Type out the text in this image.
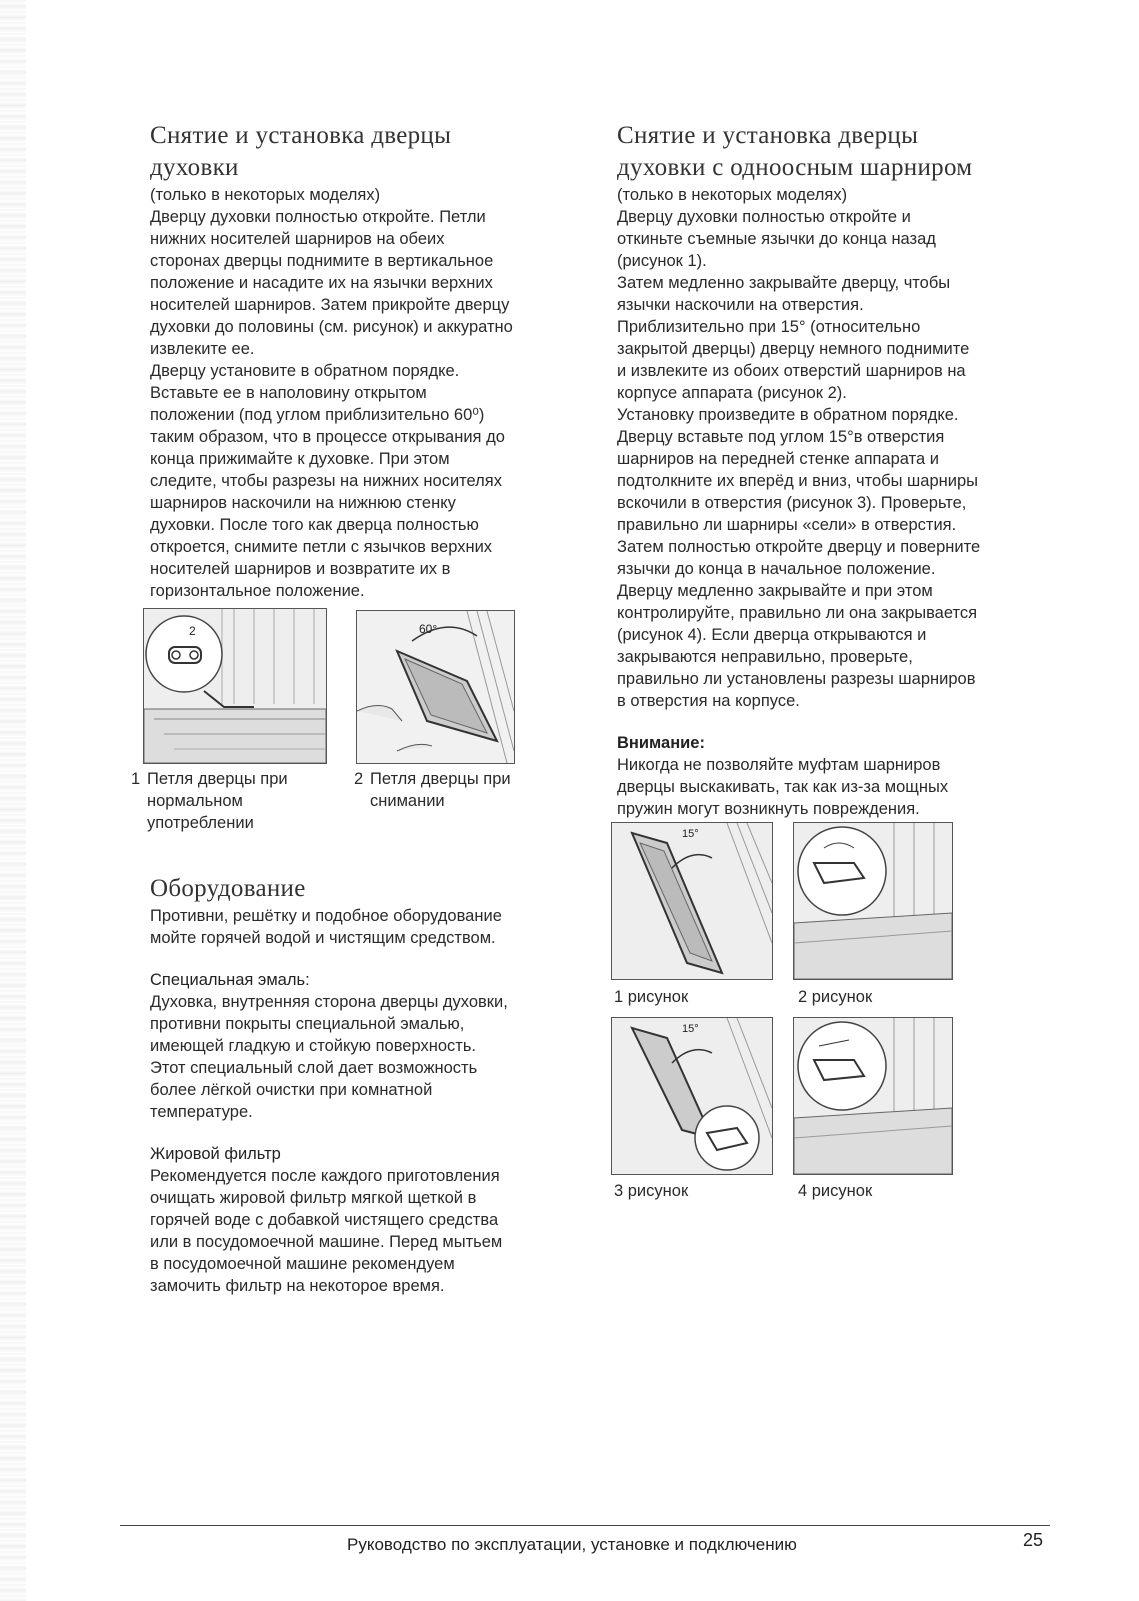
Снятие и установка дверцы
духовки

(только в некоторых моделях)

Дверцу духовки полностью откройте. Петли
нижних носителей шарниров на обеих
сторонах дверцы поднимите в вертикальное
положение и насадите их на язычки верхних
носителей шарниров. Затем прикройте дверцу
духовки до половины (см. рисунок) и аккуратно
извлеките ее.
Дверцу установите в обратном порядке.
Вставьте ее в наполовину открытом
положении (под углом приблизительно 60⁰)
таким образом, что в процессе открывания до
конца прижимайте к духовке. При этом
следите, чтобы разрезы на нижних носителях
шарниров наскочили на нижнюю стенку
духовки. После того как дверца полностью
откроется, снимите петли с язычков верхних
носителей шарниров и возвратите их в
горизонтальное положение.

2
1 Петля дверцы при
нормальном
употреблении
60°
2 Петля дверцы при
снимании
Оборудование

Противни, решётку и подобное оборудование
мойте горячей водой и чистящим средством.

Специальная эмаль:

Духовка, внутренняя сторона дверцы духовки,
противни покрыты специальной эмалью,
имеющей гладкую и стойкую поверхность.
Этот специальный слой дает возможность
более лёгкой очистки при комнатной
температуре.

Жировой фильтр

Рекомендуется после каждого приготовления
очищать жировой фильтр мягкой щеткой в
горячей воде с добавкой чистящего средства
или в посудомоечной машине. Перед мытьем
в посудомоечной машине рекомендуем
замочить фильтр на некоторое время.

Снятие и установка дверцы
духовки с одноосным шарниром

(только в некоторых моделях)

Дверцу духовки полностью откройте и
откиньте съемные язычки до конца назад
(рисунок 1).
Затем медленно закрывайте дверцу, чтобы
язычки наскочили на отверстия.
Приблизительно при 15° (относительно
закрытой дверцы) дверцу немного поднимите
и извлеките из обоих отверстий шарниров на
корпусе аппарата (рисунок 2).
Установку произведите в обратном порядке.
Дверцу вставьте под углом 15°в отверстия
шарниров на передней стенке аппарата и
подтолкните их вперёд и вниз, чтобы шарниры
вскочили в отверстия (рисунок 3). Проверьте,
правильно ли шарниры «сели» в отверстия.
Затем полностью откройте дверцу и поверните
язычки до конца в начальное положение.
Дверцу медленно закрывайте и при этом
контролируйте, правильно ли она закрывается
(рисунок 4). Если дверца открываются и
закрываются неправильно, проверьте,
правильно ли установлены разрезы шарниров
в отверстия на корпусе.

Внимание:

Никогда не позволяйте муфтам шарниров
дверцы выскакивать, так как из-за мощных
пружин могут возникнуть повреждения.

15°
1 рисунок	2 рисунок
15°
3 рисунок	4 рисунок
Руководство по эксплуатации, установке и подключению	25
